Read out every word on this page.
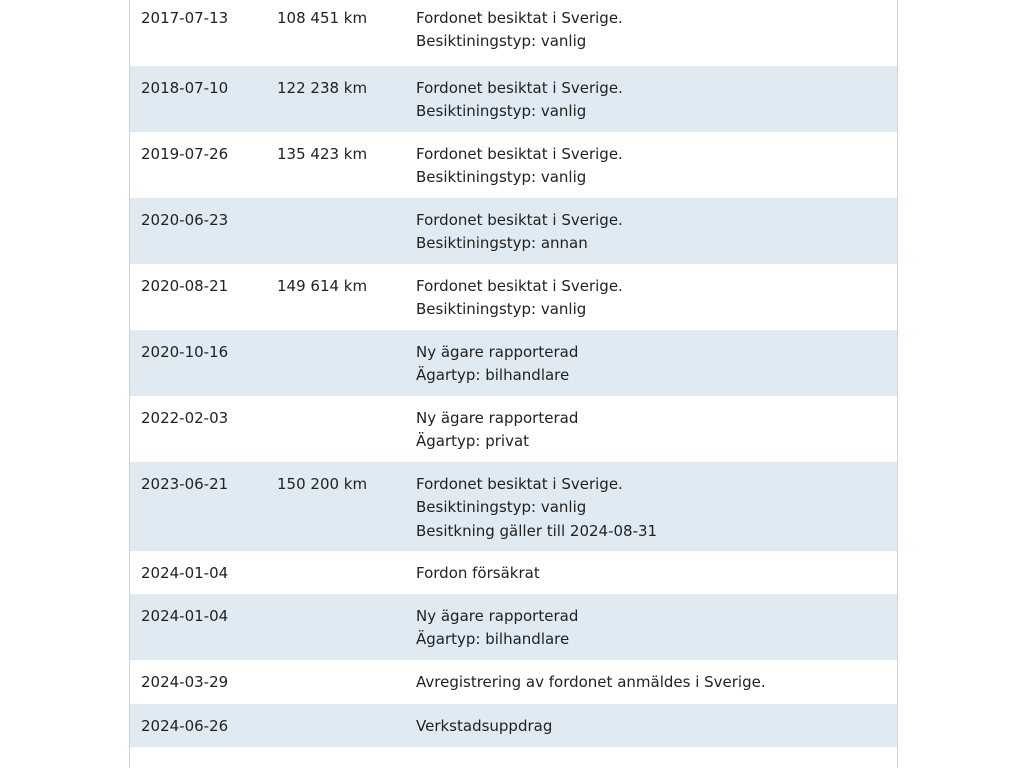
2017-07-13	108 451 km	Fordonet besiktat i Sverige.
Besiktiningstyp: vanlig

2018-07-10	122 238 km	Fordonet besiktat i Sverige.
Besiktiningstyp: vanlig

2019-07-26	135 423 km	Fordonet besiktat i Sverige.
Besiktiningstyp: vanlig

2020-06-23		Fordonet besiktat i Sverige.
Besiktiningstyp: annan

2020-08-21	149 614 km	Fordonet besiktat i Sverige.
Besiktiningstyp: vanlig

2020-10-16		Ny ägare rapporterad
Ägartyp: bilhandlare

2022-02-03		Ny ägare rapporterad
Ägartyp: privat

2023-06-21	150 200 km	Fordonet besiktat i Sverige.
Besiktiningstyp: vanlig
Besitkning gäller till 2024-08-31

2024-01-04		Fordon försäkrat

2024-01-04		Ny ägare rapporterad
Ägartyp: bilhandlare

2024-03-29		Avregistrering av fordonet anmäldes i Sverige.

2024-06-26		Verkstadsuppdrag
